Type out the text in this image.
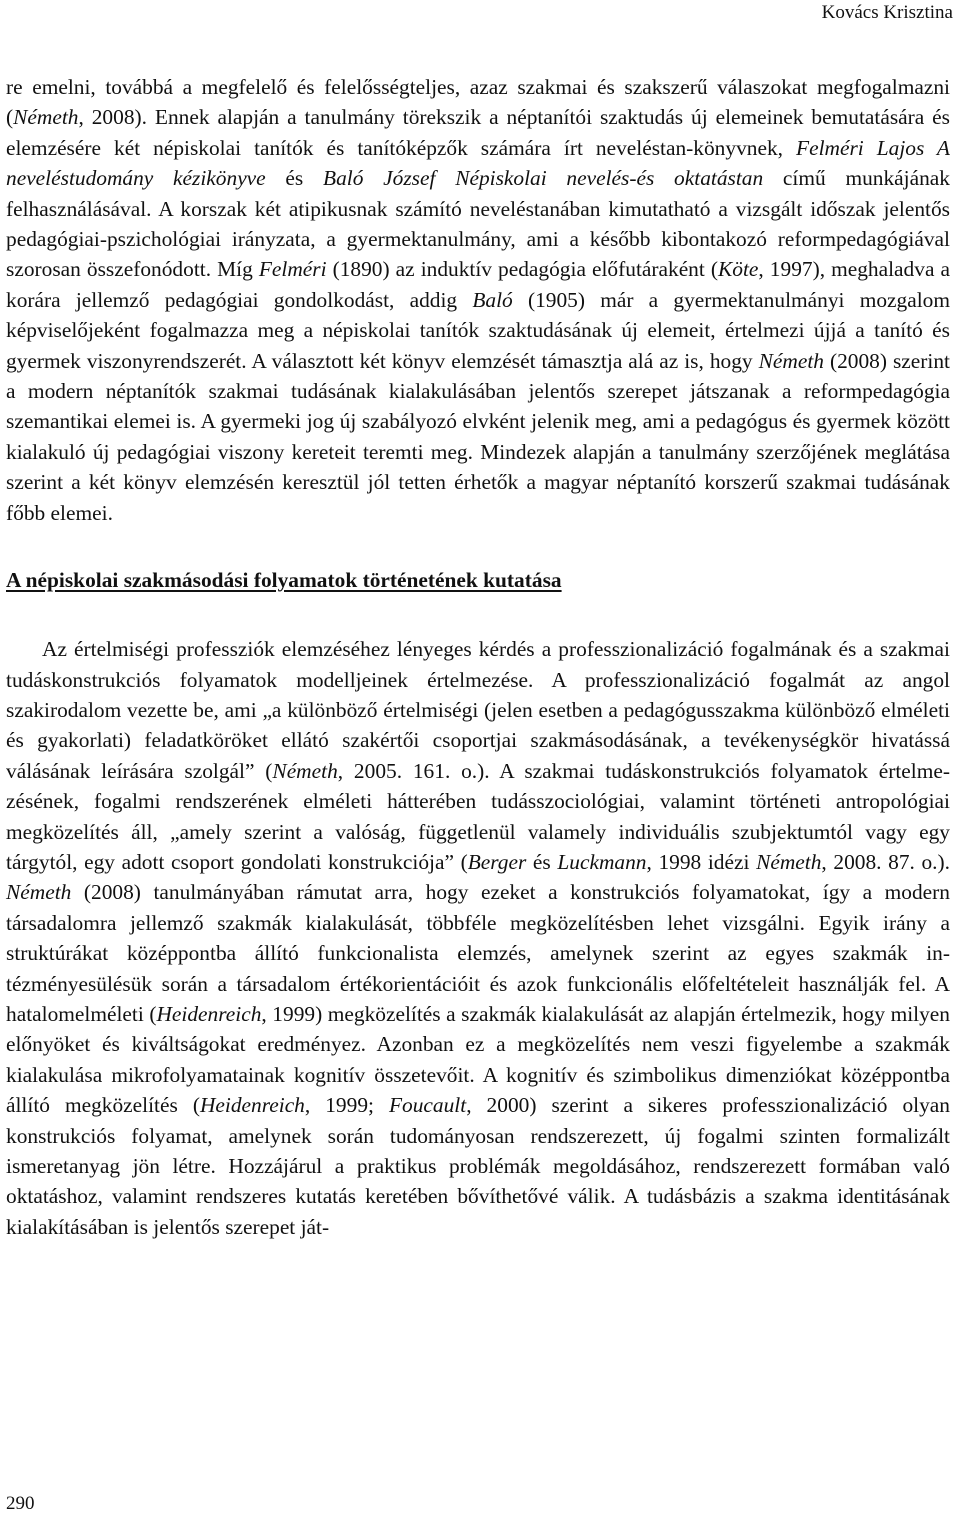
Kovács Krisztina

re emelni, továbbá a megfelelő és felelősségteljes, azaz szakmai és szakszerű válaszokat megfogalmazni (Németh, 2008). Ennek alapján a tanulmány törekszik a néptanítói szaktudás új elemeinek bemutatására és elemzésére két népiskolai tanítók és tanítóképzők számára írt neveléstan-könyvnek, Felméri Lajos A neveléstudomány kézikönyve és Baló József Népiskolai nevelés-és oktatástan című munkájának felhasználásával. A korszak két atipikusnak számító neveléstanában kimutatható a vizsgált időszak jelentős pedagógiai-pszichológiai irányzata, a gyermektanulmány, ami a később kibontakozó reformpedagógiával szorosan összefonódott. Míg Felméri (1890) az induktív pedagógia előfutáraként (Köte, 1997), meghaladva a korára jellemző pedagógiai gondolkodást, addig Baló (1905) már a gyermektanulmányi mozgalom képviselőjeként fogalmazza meg a népiskolai tanítók szaktudásának új elemeit, értelmezi újjá a tanító és gyermek viszonyrendszerét. A választott két könyv elemzését támasztja alá az is, hogy Németh (2008) szerint a modern néptanítók szakmai tudásának kialakulásában jelentős szerepet játszanak a reformpedagógia szemantikai elemei is. A gyermeki jog új szabályozó elvként jelenik meg, ami a pedagógus és gyermek között kialakuló új pedagógiai viszony kereteit teremti meg. Mindezek alapján a tanulmány szerzőjének meglátása szerint a két könyv elemzésén keresztül jól tetten érhetők a magyar néptanító korszerű szakmai tudásának főbb elemei.

A népiskolai szakmásodási folyamatok történetének kutatása

Az értelmiségi professziók elemzéséhez lényeges kérdés a professzionalizáció fogalmának és a szakmai tudáskonstrukciós folyamatok modelljeinek értelmezése. A professzionalizáció fogalmát az angol szakirodalom vezette be, ami „a különböző értelmiségi (jelen esetben a pedagógusszakma különböző elméleti és gyakorlati) feladatköröket ellátó szakértői csoportjai szakmásodásának, a tevékenységkör hivatássá válásának leírására szolgál” (Németh, 2005. 161. o.). A szakmai tudáskonstrukciós folyamatok értelmezésének, fogalmi rendszerének elméleti hátterében tudásszociológiai, valamint történeti antropológiai megközelítés áll, „amely szerint a valóság, függetlenül valamely individuális szubjektumtól vagy egy tárgytól, egy adott csoport gondolati konstrukciója” (Berger és Luckmann, 1998 idézi Németh, 2008. 87. o.). Németh (2008) tanulmányában rámutat arra, hogy ezeket a konstrukciós folyamatokat, így a modern társadalomra jellemző szakmák kialakulását, többféle megközelítésben lehet vizsgálni. Egyik irány a struktúrákat középpontba állító funkcionalista elemzés, amelynek szerint az egyes szakmák intézményesülésük során a társadalom értékorientációit és azok funkcionális előfeltételeit használják fel. A hatalomelméleti (Heidenreich, 1999) megközelítés a szakmák kialakulását az alapján értelmezik, hogy milyen előnyöket és kiváltságokat eredményez. Azonban ez a megközelítés nem veszi figyelembe a szakmák kialakulása mikrofolyamatainak kognitív összetevőit. A kognitív és szimbolikus dimenziókat középpontba állító megközelítés (Heidenreich, 1999; Foucault, 2000) szerint a sikeres professzionalizáció olyan konstrukciós folyamat, amelynek során tudományosan rendszerezett, új fogalmi szinten formalizált ismeretanyag jön létre. Hozzájárul a praktikus problémák megoldásához, rendszerezett formában való oktatáshoz, valamint rendszeres kutatás keretében bővíthetővé válik. A tudásbázis a szakma identitásának kialakításában is jelentős szerepet ját-

290
